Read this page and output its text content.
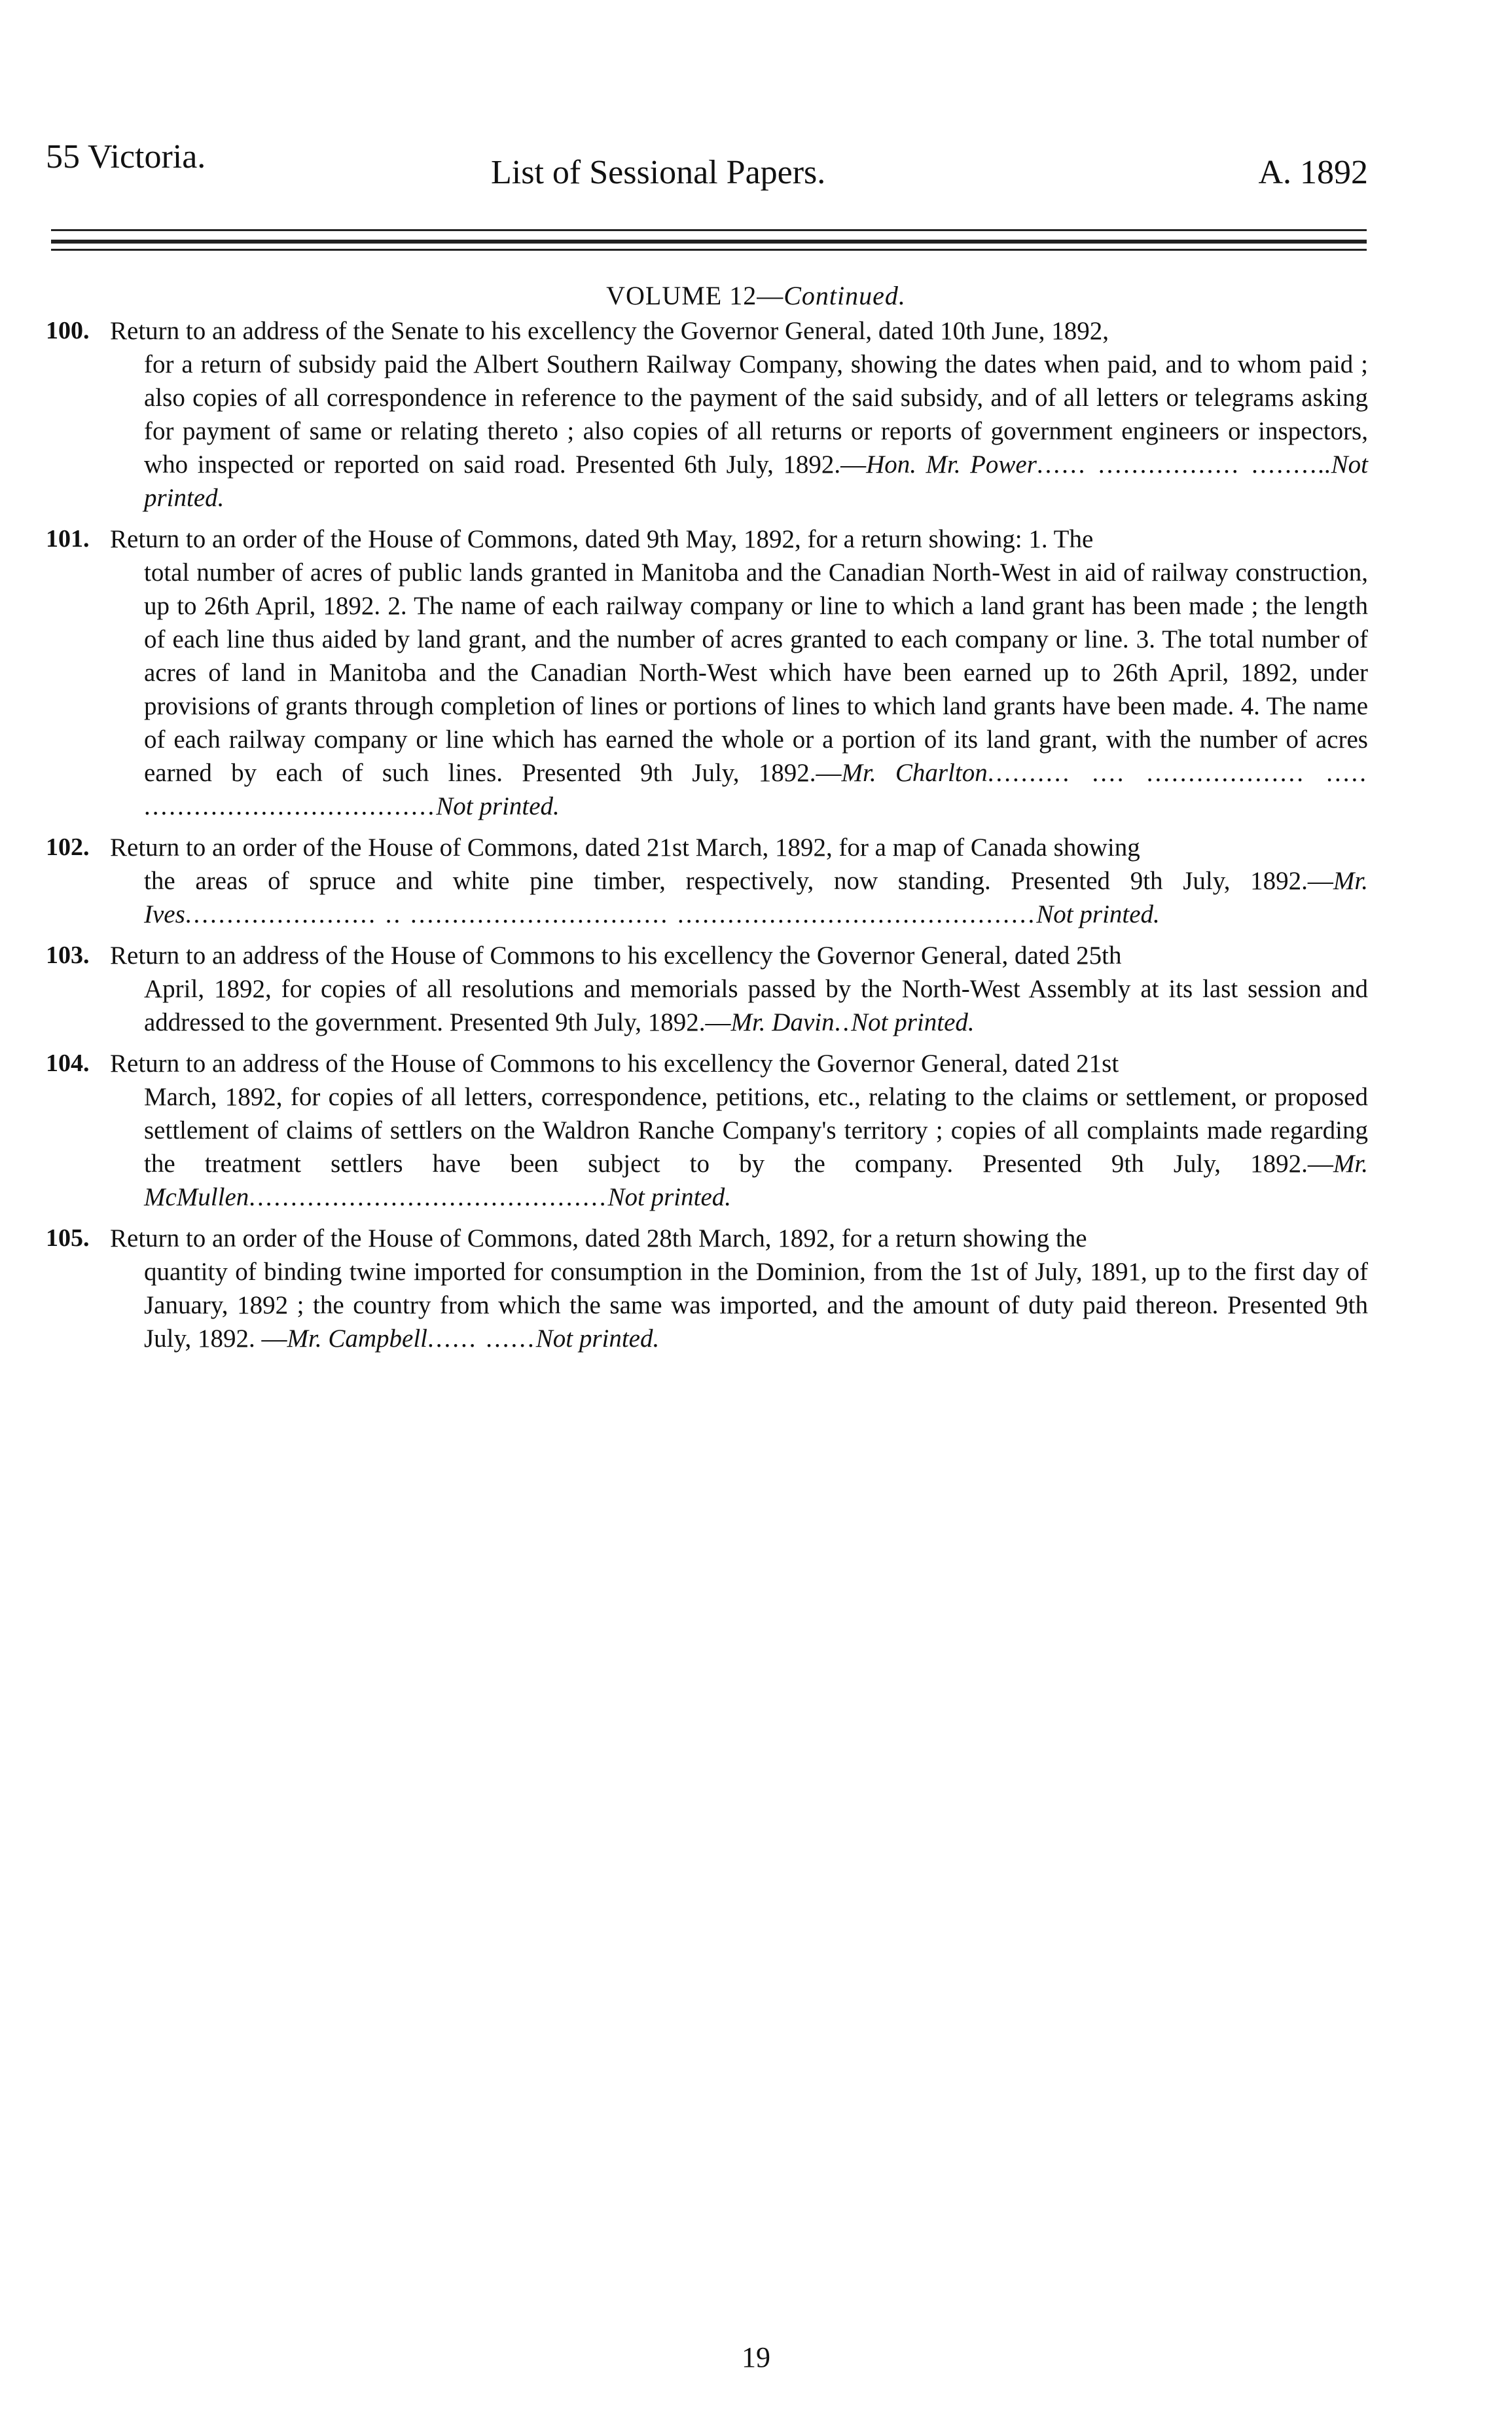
55 Victoria.	List of Sessional Papers.	A. 1892
VOLUME 12—Continued.
100. Return to an address of the Senate to his excellency the Governor General, dated 10th June, 1892,
for a return of subsidy paid the Albert Southern Railway Company, showing the dates when paid, and to whom paid ; also copies of all correspondence in reference to the payment of the said subsidy, and of all letters or telegrams asking for payment of same or relating thereto ; also copies of all returns or reports of government engineers or inspectors, who inspected or reported on said road. Presented 6th July, 1892.—Hon. Mr. Power...... ................. ..........Not printed.
101. Return to an order of the House of Commons, dated 9th May, 1892, for a return showing: 1. The
total number of acres of public lands granted in Manitoba and the Canadian North-West in aid of railway construction, up to 26th April, 1892. 2. The name of each railway company or line to which a land grant has been made ; the length of each line thus aided by land grant, and the number of acres granted to each company or line. 3. The total number of acres of land in Manitoba and the Canadian North-West which have been earned up to 26th April, 1892, under provisions of grants through completion of lines or portions of lines to which land grants have been made. 4. The name of each railway company or line which has earned the whole or a portion of its land grant, with the number of acres earned by each of such lines. Presented 9th July, 1892.—Mr. Charlton.......... .... ................... ..... ...................................Not printed.
102. Return to an order of the House of Commons, dated 21st March, 1892, for a map of Canada showing
the areas of spruce and white pine timber, respectively, now standing. Presented 9th July, 1892.—Mr. Ives....................... .. ............................... ...........................................Not printed.
103. Return to an address of the House of Commons to his excellency the Governor General, dated 25th
April, 1892, for copies of all resolutions and memorials passed by the North-West Assembly at its last session and addressed to the government. Presented 9th July, 1892.—Mr. Davin..Not printed.
104. Return to an address of the House of Commons to his excellency the Governor General, dated 21st
March, 1892, for copies of all letters, correspondence, petitions, etc., relating to the claims or settlement, or proposed settlement of claims of settlers on the Waldron Ranche Company's territory ; copies of all complaints made regarding the treatment settlers have been subject to by the company. Presented 9th July, 1892.—Mr. McMullen...........................................Not printed.
105. Return to an order of the House of Commons, dated 28th March, 1892, for a return showing the
quantity of binding twine imported for consumption in the Dominion, from the 1st of July, 1891, up to the first day of January, 1892 ; the country from which the same was imported, and the amount of duty paid thereon. Presented 9th July, 1892. —Mr. Campbell...... ......Not printed.
19
